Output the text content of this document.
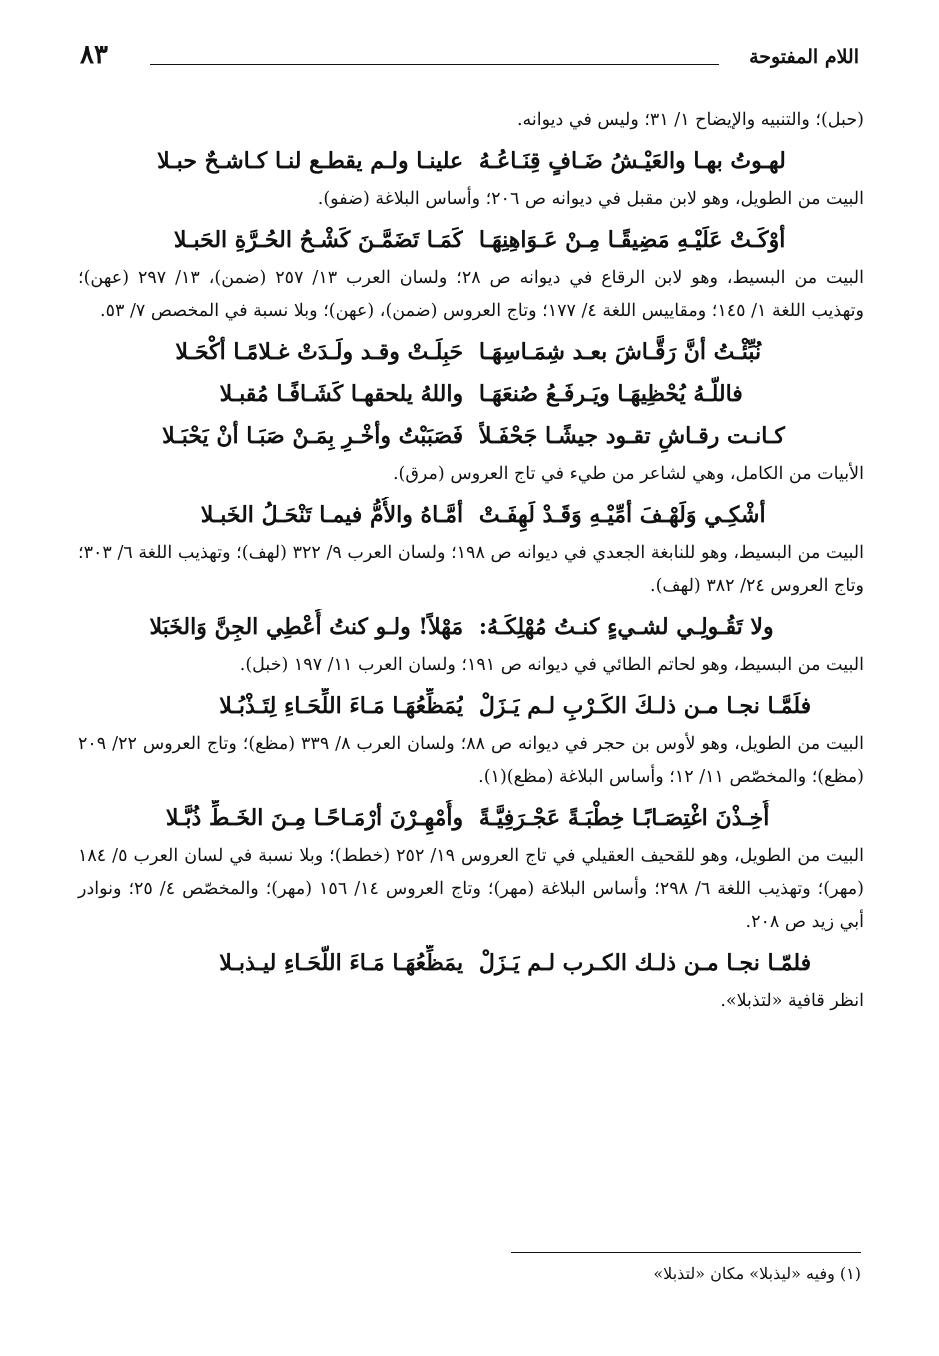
اللام المفتوحة
٨٣

(حبل)؛ والتنبيه والإيضاح ١/ ٣١؛ وليس في ديوانه.

لهـوتُ بهـا والعَيْـشُ ضَـافٍ قِنَـاعُـهُ
علينـا ولـم يقطـع لنـا كـاشـحٌ حبـلا

البيت من الطويل، وهو لابن مقبل في ديوانه ص ٢٠٦؛ وأساس البلاغة (ضفو).

أوْكَـتْ عَلَيْـهِ مَضِيقًـا مِـنْ عَـوَاهِنِهَـا
كَمَـا تَضَمَّـنَ كَشْـحُ الحُـرَّةِ الحَبـلا

البيت من البسيط، وهو لابن الرقاع في ديوانه ص ٢٨؛ ولسان العرب ١٣/ ٢٥٧ (ضمن)، ١٣/ ٢٩٧ (عهن)؛ وتهذيب اللغة ١/ ١٤٥؛ ومقاييس اللغة ٤/ ١٧٧؛ وتاج العروس (ضمن)، (عهن)؛ وبلا نسبة في المخصص ٧/ ٥٣.

نُبِّئْـتُ أنَّ رَقَّـاشَ بعـد شِمَـاسِهَـا
حَبِلَـتْ وقـد ولَـدَتْ غـلامًـا أكْحَـلا
فاللّـهُ يُحْظِيهَـا ويَـرفَـعُ صُنعَهَـا
واللهُ يلحقهـا كَشَـافًـا مُقبـلا
كـانـت رقـاشِ تقـود جيشًـا جَحْفَـلاً
فَصَبَبْتُ وأخْـرِ بِمَـنْ صَبَـا أنْ يَحْبَـلا

الأبيات من الكامل، وهي لشاعر من طيء في تاج العروس (مرق).

أشْكِـي وَلَهْـفَ أمِّيْـهِ وَقَـدْ لَهِفَـتْ
أمَّـاهُ والأُمُّ فيمـا تَنْحَـلُ الخَبـلا

البيت من البسيط، وهو للنابغة الجعدي في ديوانه ص ١٩٨؛ ولسان العرب ٩/ ٣٢٢ (لهف)؛ وتهذيب اللغة ٦/ ٣٠٣؛ وتاج العروس ٢٤/ ٣٨٢ (لهف).

ولا تَقُـولِـي لشـيءٍ كنـتُ مُهْلِكَـهُ:
مَهْلاً! ولـو كنتُ أُعْطِي الجِنَّ وَالخَبَلا

البيت من البسيط، وهو لحاتم الطائي في ديوانه ص ١٩١؛ ولسان العرب ١١/ ١٩٧ (خبل).

فلَمَّـا نجـا مـن ذلـكَ الكَـرْبِ لـم يَـزَلْ
يُمَظِّعُهَـا مَـاءَ اللِّحَـاءِ لِتَـذْبُـلا

البيت من الطويل، وهو لأوس بن حجر في ديوانه ص ٨٨؛ ولسان العرب ٨/ ٣٣٩ (مظع)؛ وتاج العروس ٢٢/ ٢٠٩ (مظع)؛ والمخصّص ١١/ ١٢؛ وأساس البلاغة (مظع)(١).

أُخِـذْنَ اغْتِصَـابًـا خِطْبَـةً عَجْـرَفِيَّـةً
وأُمْهِـرْنَ أرْمَـاحًـا مِـنَ الخَـطِّ ذُبَّـلا

البيت من الطويل، وهو للقحيف العقيلي في تاج العروس ١٩/ ٢٥٢ (خطط)؛ وبلا نسبة في لسان العرب ٥/ ١٨٤ (مهر)؛ وتهذيب اللغة ٦/ ٢٩٨؛ وأساس البلاغة (مهر)؛ وتاج العروس ١٤/ ١٥٦ (مهر)؛ والمخصّص ٤/ ٢٥؛ ونوادر أبي زيد ص ٢٠٨.

فلمّـا نجـا مـن ذلـك الكـرب لـم يَـزَلْ
يمَظِّعُهَـا مَـاءَ اللّحَـاءِ ليـذبـلا

انظر قافية «لتذبلا».

(١) وفيه «ليذبلا» مكان «لتذبلا»
